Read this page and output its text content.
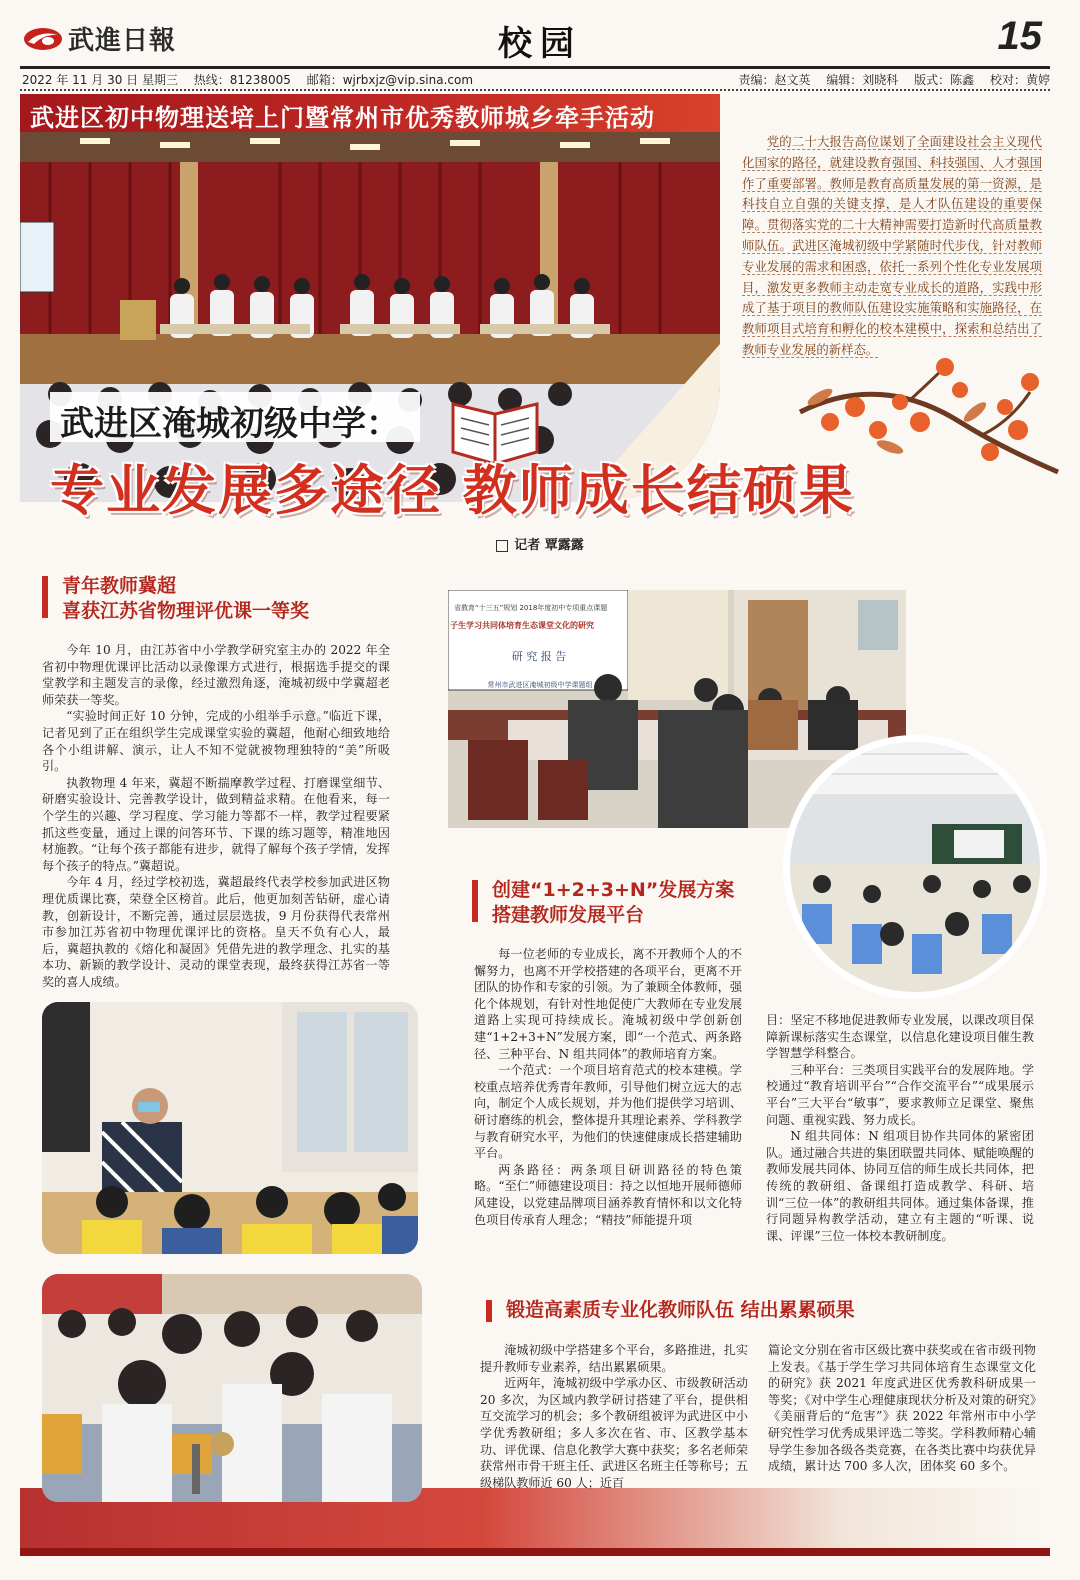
武進日報	校园	15
2022 年 11 月 30 日 星期三 热线：81238005 邮箱：wjrbxjz@vip.sina.com	责编：赵文英 编辑：刘晓科 版式：陈鑫 校对：黄婷
武进区初中物理送培上门暨常州市优秀教师城乡牵手活动

党的二十大报告高位谋划了全面建设社会主义现代化国家的路径，就建设教育强国、科技强国、人才强国作了重要部署。教师是教育高质量发展的第一资源，是科技自立自强的关键支撑，是人才队伍建设的重要保障。贯彻落实党的二十大精神需要打造新时代高质量教师队伍。武进区淹城初级中学紧随时代步伐，针对教师专业发展的需求和困惑，依托一系列个性化专业发展项目，激发更多教师主动走宽专业成长的道路，实践中形成了基于项目的教师队伍建设实施策略和实施路径，在教师项目式培育和孵化的校本建模中，探索和总结出了教师专业发展的新样态。

武进区淹城初级中学：
专业发展多途径 教师成长结硕果
记者 覃露露
青年教师冀超
喜获江苏省物理评优课一等奖

今年 10 月，由江苏省中小学教学研究室主办的 2022 年全省初中物理优课评比活动以录像课方式进行，根据选手提交的课堂教学和主题发言的录像，经过激烈角逐，淹城初级中学冀超老师荣获一等奖。

“实验时间正好 10 分钟，完成的小组举手示意。”临近下课，记者见到了正在组织学生完成课堂实验的冀超，他耐心细致地给各个小组讲解、演示，让人不知不觉就被物理独特的“美”所吸引。

执教物理 4 年来，冀超不断揣摩教学过程、打磨课堂细节、研磨实验设计、完善教学设计，做到精益求精。在他看来，每一个学生的兴趣、学习程度、学习能力等都不一样，教学过程要紧抓这些变量，通过上课的问答环节、下课的练习题等，精准地因材施教。“让每个孩子都能有进步，就得了解每个孩子学情，发挥每个孩子的特点。”冀超说。

今年 4 月，经过学校初选，冀超最终代表学校参加武进区物理优质课比赛，荣登全区榜首。此后，他更加刻苦钻研，虚心请教，创新设计，不断完善，通过层层选拔，9 月份获得代表常州市参加江苏省初中物理优课评比的资格。皇天不负有心人，最后，冀超执教的《熔化和凝固》凭借先进的教学理念、扎实的基本功、新颖的教学设计、灵动的课堂表现，最终获得江苏省一等奖的喜人成绩。

省教育“十三五”规划 2018年度初中专项重点课题
子生学习共同体培育生态课堂文化的研究
研 究 报 告
常州市武进区淹城初级中学课题组
创建“1+2+3+N”发展方案
搭建教师发展平台

每一位老师的专业成长，离不开教师个人的不懈努力，也离不开学校搭建的各项平台，更离不开团队的协作和专家的引领。为了兼顾全体教师，强化个体规划，有针对性地促使广大教师在专业发展道路上实现可持续成长。淹城初级中学创新创建“1+2+3+N”发展方案，即“一个范式、两条路径、三种平台、N 组共同体”的教师培育方案。

一个范式：一个项目培育范式的校本建模。学校重点培养优秀青年教师，引导他们树立远大的志向，制定个人成长规划，并为他们提供学习培训、研讨磨练的机会，整体提升其理论素养、学科教学与教育研究水平，为他们的快速健康成长搭建辅助平台。

两条路径：两条项目研训路径的特色策略。“至仁”师德建设项目：持之以恒地开展师德师风建设，以党建品牌项目涵养教育情怀和以文化特色项目传承育人理念；“精技”师能提升项

目：坚定不移地促进教师专业发展，以课改项目保障新课标落实生态课堂，以信息化建设项目催生教学智慧学科整合。

三种平台：三类项目实践平台的发展阵地。学校通过“教育培训平台”“合作交流平台”“成果展示平台”三大平台“敏事”，要求教师立足课堂、聚焦问题、重视实践、努力成长。

N 组共同体：N 组项目协作共同体的紧密团队。通过融合共进的集团联盟共同体、赋能唤醒的教师发展共同体、协同互信的师生成长共同体，把传统的教研组、备课组打造成教学、科研、培训“三位一体”的教研组共同体。通过集体备课，推行同题异构教学活动，建立有主题的“听课、说课、评课”三位一体校本教研制度。

锻造高素质专业化教师队伍 结出累累硕果

淹城初级中学搭建多个平台，多路推进，扎实提升教师专业素养，结出累累硕果。

近两年，淹城初级中学承办区、市级教研活动 20 多次，为区域内教学研讨搭建了平台，提供相互交流学习的机会；多个教研组被评为武进区中小学优秀教研组；多人多次在省、市、区教学基本功、评优课、信息化教学大赛中获奖；多名老师荣获常州市骨干班主任、武进区名班主任等称号；五级梯队教师近 60 人；近百

篇论文分别在省市区级比赛中获奖或在省市级刊物上发表。《基于学生学习共同体培育生态课堂文化的研究》获 2021 年度武进区优秀教科研成果一等奖；《对中学生心理健康现状分析及对策的研究》《美丽背后的“危害”》获 2022 年常州市中小学研究性学习优秀成果评选二等奖。学科教师精心辅导学生参加各级各类竞赛，在各类比赛中均获优异成绩，累计达 700 多人次，团体奖 60 多个。
